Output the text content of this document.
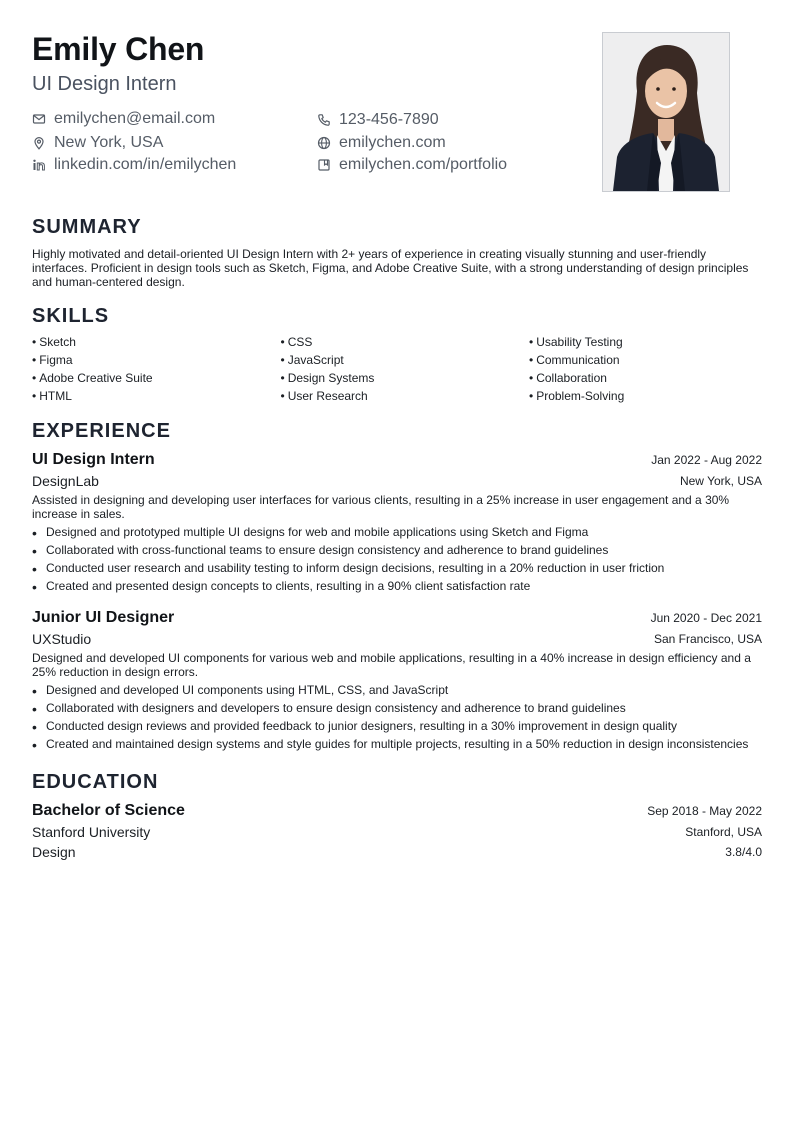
Emily Chen
UI Design Intern
emilychen@email.com	123-456-7890
New York, USA	emilychen.com
linkedin.com/in/emilychen	emilychen.com/portfolio
SUMMARY
Highly motivated and detail-oriented UI Design Intern with 2+ years of experience in creating visually stunning and user-friendly interfaces. Proficient in design tools such as Sketch, Figma, and Adobe Creative Suite, with a strong understanding of design principles and human-centered design.
SKILLS
• Sketch	• CSS	• Usability Testing
• Figma	• JavaScript	• Communication
• Adobe Creative Suite	• Design Systems	• Collaboration
• HTML	• User Research	• Problem-Solving
EXPERIENCE
UI Design Intern	Jan 2022 - Aug 2022
DesignLab	New York, USA
Assisted in designing and developing user interfaces for various clients, resulting in a 25% increase in user engagement and a 30% increase in sales.
• Designed and prototyped multiple UI designs for web and mobile applications using Sketch and Figma
• Collaborated with cross-functional teams to ensure design consistency and adherence to brand guidelines
• Conducted user research and usability testing to inform design decisions, resulting in a 20% reduction in user friction
• Created and presented design concepts to clients, resulting in a 90% client satisfaction rate
Junior UI Designer	Jun 2020 - Dec 2021
UXStudio	San Francisco, USA
Designed and developed UI components for various web and mobile applications, resulting in a 40% increase in design efficiency and a 25% reduction in design errors.
• Designed and developed UI components using HTML, CSS, and JavaScript
• Collaborated with designers and developers to ensure design consistency and adherence to brand guidelines
• Conducted design reviews and provided feedback to junior designers, resulting in a 30% improvement in design quality
• Created and maintained design systems and style guides for multiple projects, resulting in a 50% reduction in design inconsistencies
EDUCATION
Bachelor of Science	Sep 2018 - May 2022
Stanford University	Stanford, USA
Design	3.8/4.0
